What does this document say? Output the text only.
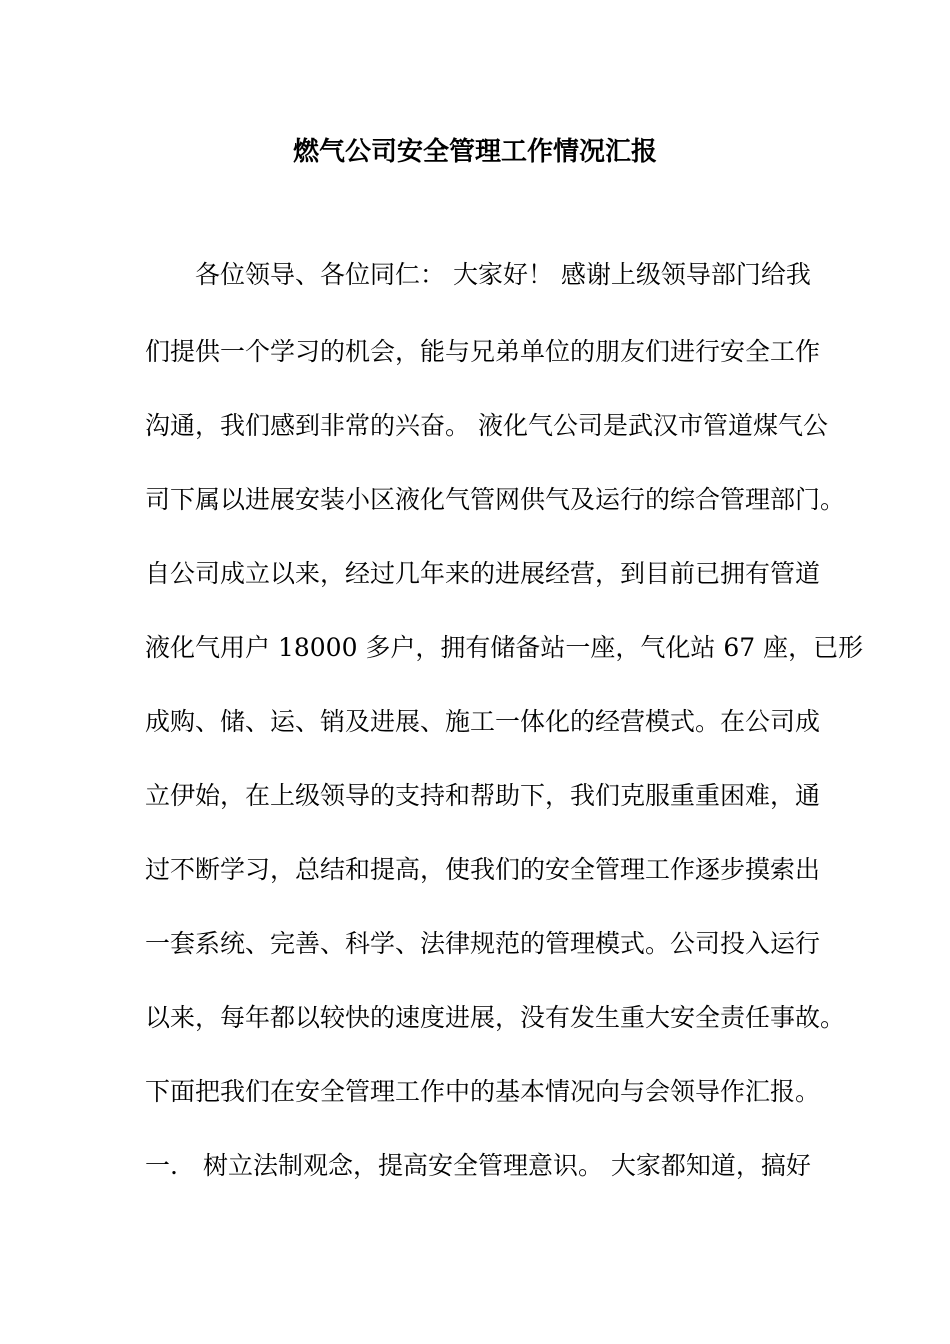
燃气公司安全管理工作情况汇报
　　各位领导、各位同仁： 大家好！ 感谢上级领导部门给我
们提供一个学习的机会，能与兄弟单位的朋友们进行安全工作
沟通，我们感到非常的兴奋。 液化气公司是武汉市管道煤气公
司下属以进展安装小区液化气管网供气及运行的综合管理部门。
自公司成立以来，经过几年来的进展经营，到目前已拥有管道
液化气用户 18000 多户，拥有储备站一座，气化站 67 座，已形
成购、储、运、销及进展、施工一体化的经营模式。在公司成
立伊始，在上级领导的支持和帮助下，我们克服重重困难，通
过不断学习，总结和提高，使我们的安全管理工作逐步摸索出
一套系统、完善、科学、法律规范的管理模式。公司投入运行
以来，每年都以较快的速度进展，没有发生重大安全责任事故。
下面把我们在安全管理工作中的基本情况向与会领导作汇报。
一.　树立法制观念，提高安全管理意识。 大家都知道，搞好
